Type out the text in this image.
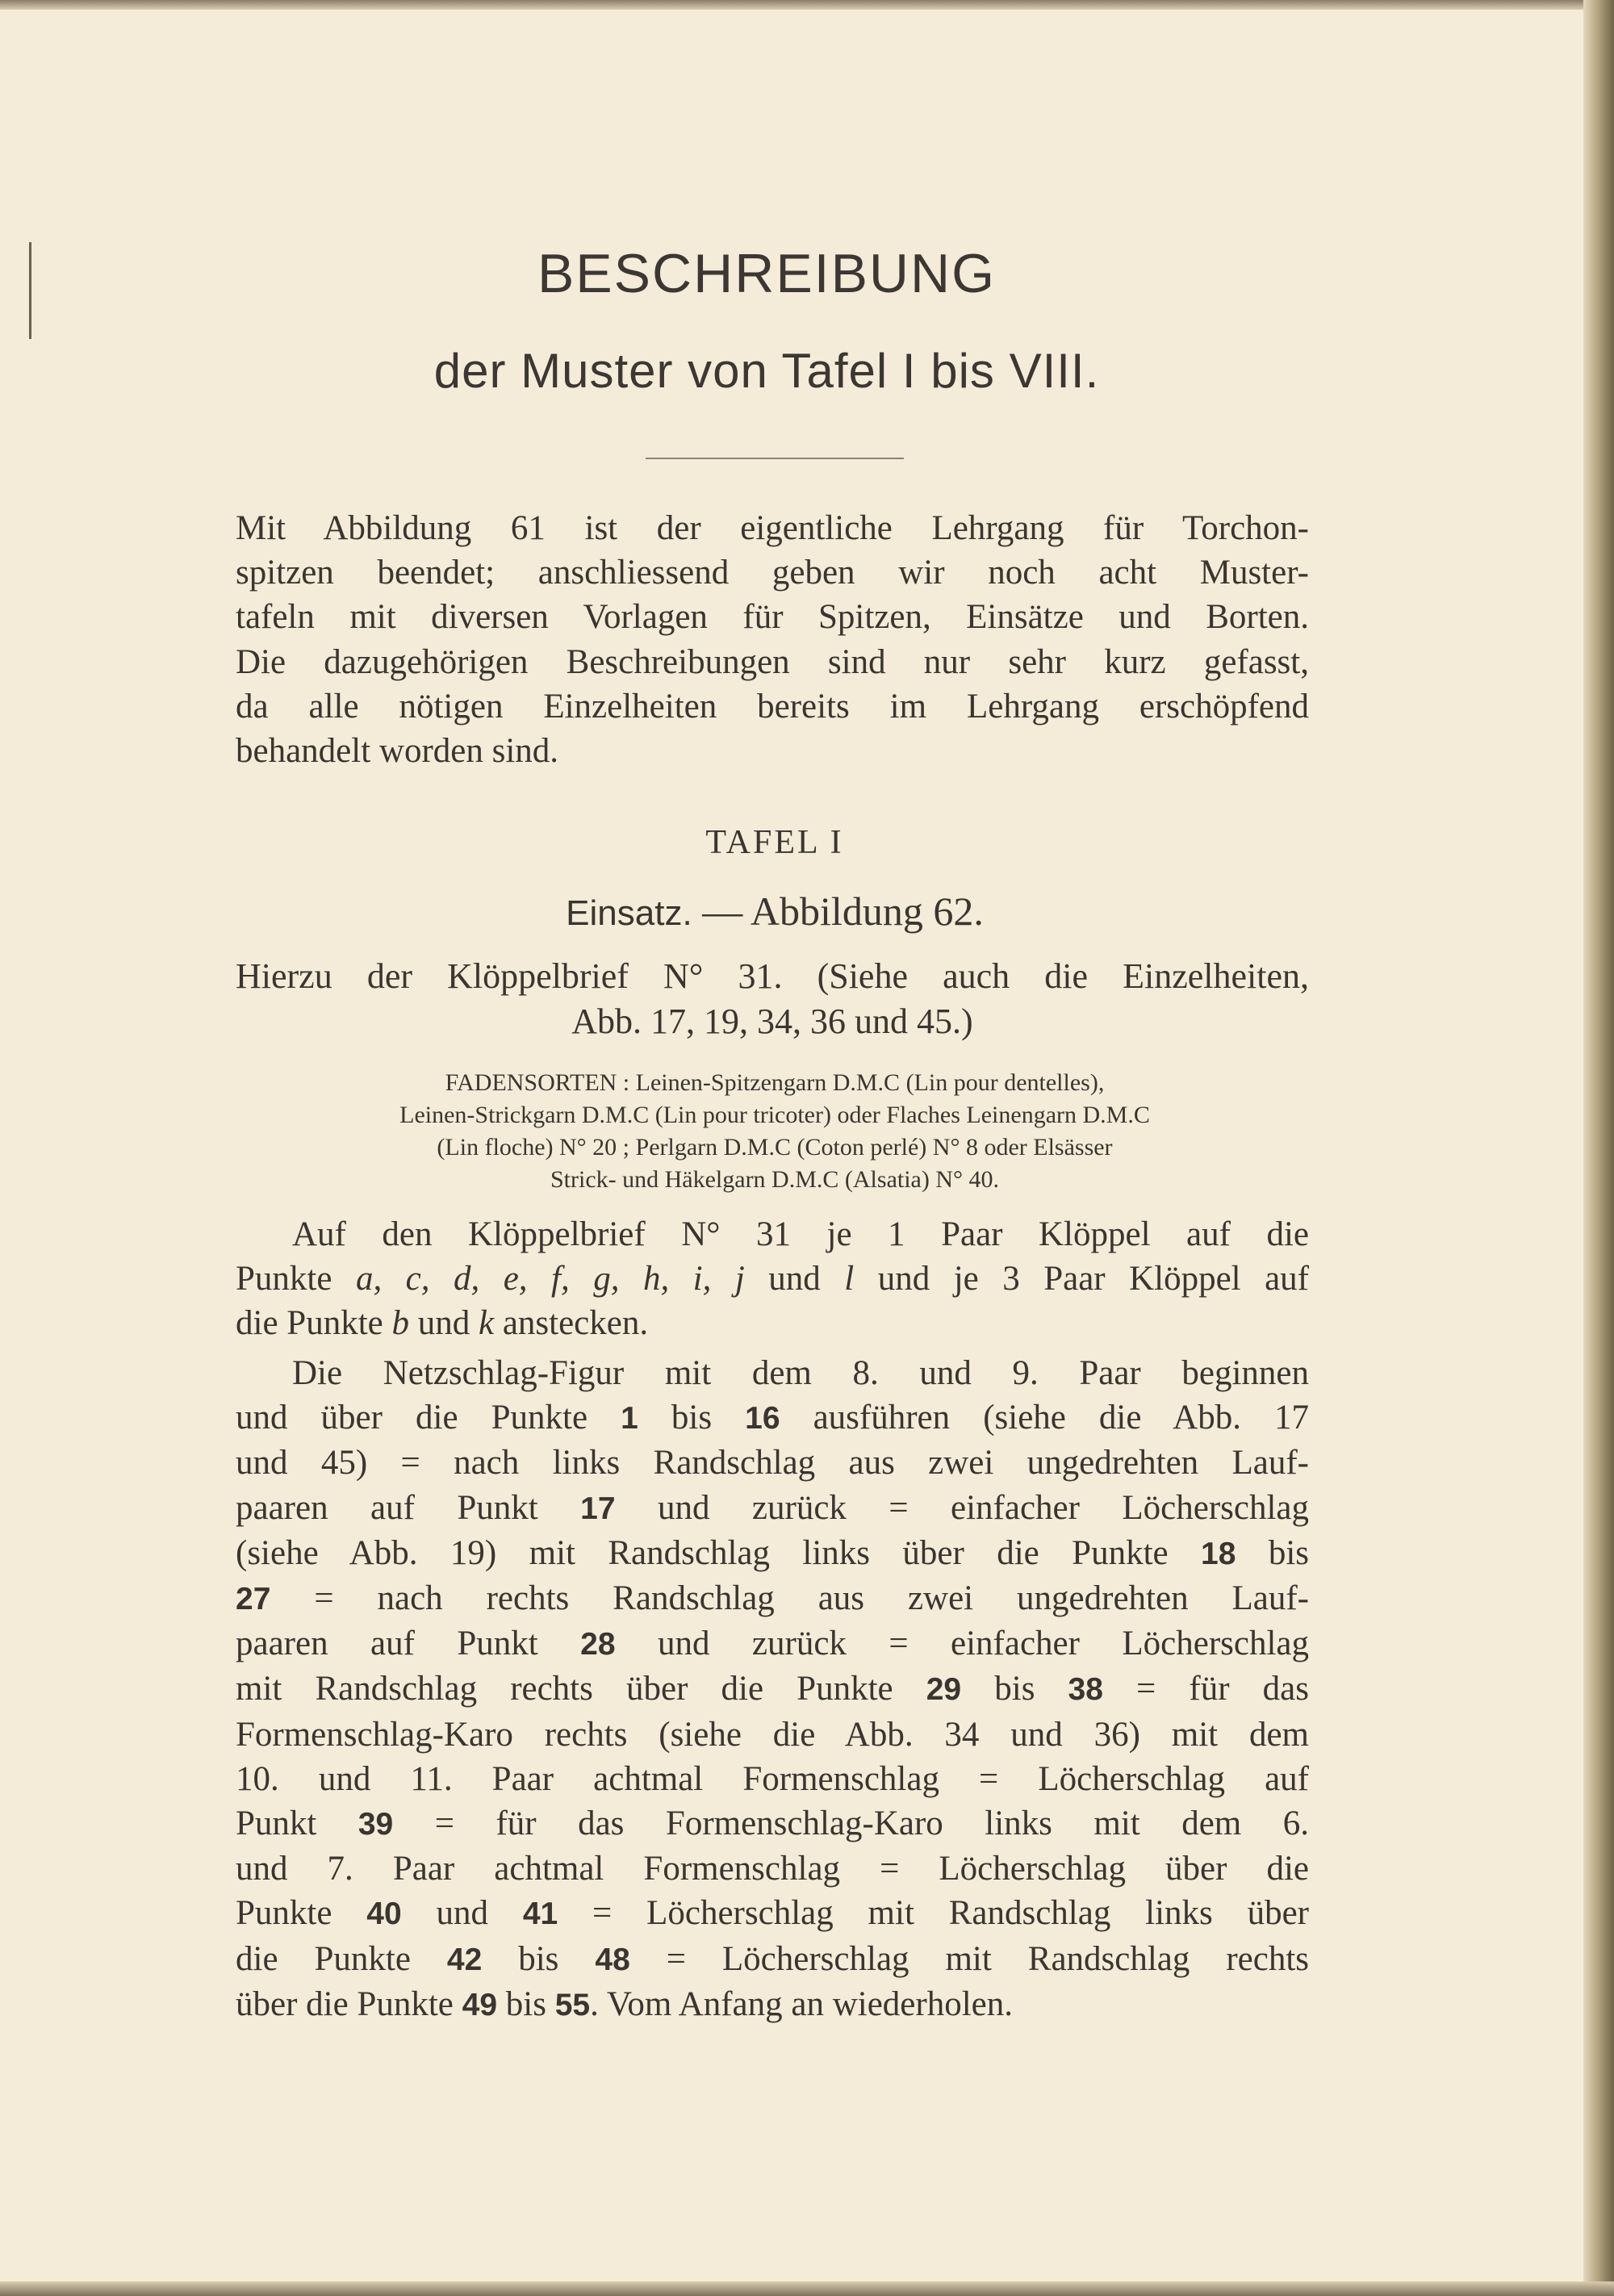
BESCHREIBUNG
der Muster von Tafel I bis VIII.
Mit Abbildung 61 ist der eigentliche Lehrgang für Torchon-
spitzen beendet; anschliessend geben wir noch acht Muster-
tafeln mit diversen Vorlagen für Spitzen, Einsätze und Borten.
Die dazugehörigen Beschreibungen sind nur sehr kurz gefasst,
da alle nötigen Einzelheiten bereits im Lehrgang erschöpfend
behandelt worden sind.
TAFEL I
Einsatz. — Abbildung 62.
Hierzu der Klöppelbrief N° 31. (Siehe auch die Einzelheiten,
Abb. 17, 19, 34, 36 und 45.)
FADENSORTEN : Leinen-Spitzengarn D.M.C (Lin pour dentelles),
Leinen-Strickgarn D.M.C (Lin pour tricoter) oder Flaches Leinengarn D.M.C
(Lin floche) N° 20 ; Perlgarn D.M.C (Coton perlé) N° 8 oder Elsässer
Strick- und Häkelgarn D.M.C (Alsatia) N° 40.
Auf den Klöppelbrief N° 31 je 1 Paar Klöppel auf die
Punkte a, c, d, e, f, g, h, i, j und l und je 3 Paar Klöppel auf
die Punkte b und k anstecken.
Die Netzschlag-Figur mit dem 8. und 9. Paar beginnen
und über die Punkte 1 bis 16 ausführen (siehe die Abb. 17
und 45) = nach links Randschlag aus zwei ungedrehten Lauf-
paaren auf Punkt 17 und zurück = einfacher Löcherschlag
(siehe Abb. 19) mit Randschlag links über die Punkte 18 bis
27 = nach rechts Randschlag aus zwei ungedrehten Lauf-
paaren auf Punkt 28 und zurück = einfacher Löcherschlag
mit Randschlag rechts über die Punkte 29 bis 38 = für das
Formenschlag-Karo rechts (siehe die Abb. 34 und 36) mit dem
10. und 11. Paar achtmal Formenschlag = Löcherschlag auf
Punkt 39 = für das Formenschlag-Karo links mit dem 6.
und 7. Paar achtmal Formenschlag = Löcherschlag über die
Punkte 40 und 41 = Löcherschlag mit Randschlag links über
die Punkte 42 bis 48 = Löcherschlag mit Randschlag rechts
über die Punkte 49 bis 55. Vom Anfang an wiederholen.
